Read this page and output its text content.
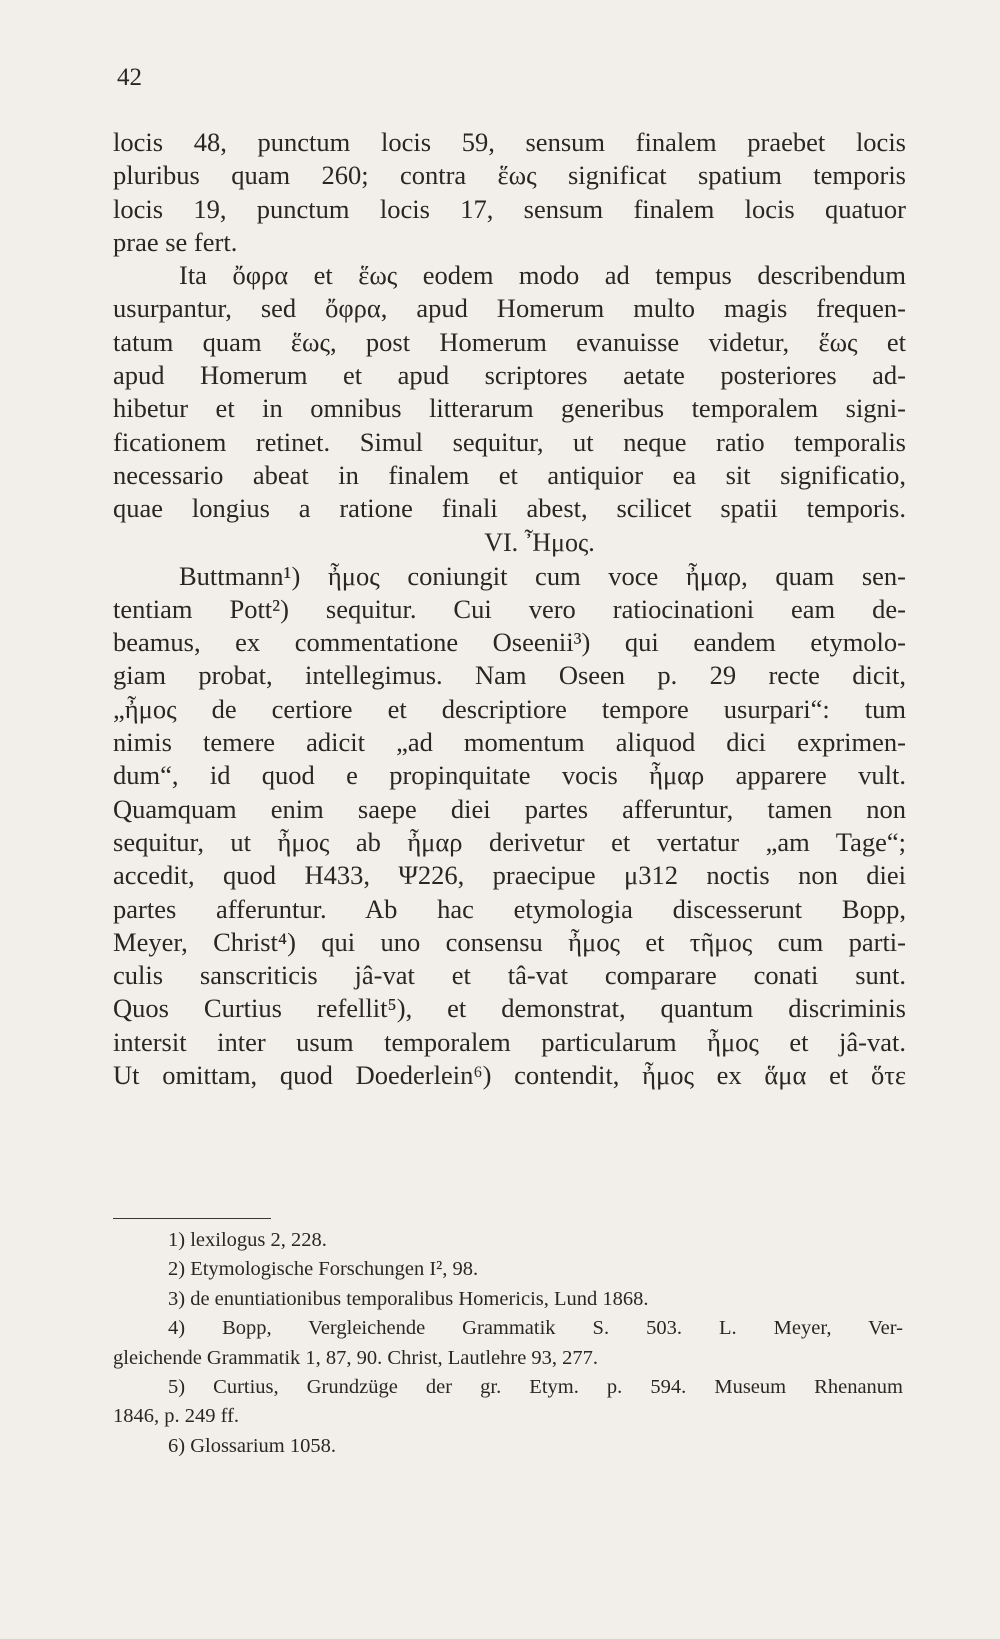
42
locis 48, punctum locis 59, sensum finalem praebet locis
pluribus quam 260; contra ἕως significat spatium temporis
locis 19, punctum locis 17, sensum finalem locis quatuor
prae se fert.
Ita ὄφρα et ἕως eodem modo ad tempus describendum
usurpantur, sed ὄφρα, apud Homerum multo magis frequen-
tatum quam ἕως, post Homerum evanuisse videtur, ἕως et
apud Homerum et apud scriptores aetate posteriores ad-
hibetur et in omnibus litterarum generibus temporalem signi-
ficationem retinet. Simul sequitur, ut neque ratio temporalis
necessario abeat in finalem et antiquior ea sit significatio,
quae longius a ratione finali abest, scilicet spatii temporis.
VI. Ἦμος.
Buttmann¹) ἦμος coniungit cum voce ἦμαρ, quam sen-
tentiam Pott²) sequitur. Cui vero ratiocinationi eam de-
beamus, ex commentatione Oseenii³) qui eandem etymolo-
giam probat, intellegimus. Nam Oseen p. 29 recte dicit,
„ἦμος de certiore et descriptiore tempore usurpari“: tum
nimis temere adicit „ad momentum aliquod dici exprimen-
dum“, id quod e propinquitate vocis ἦμαρ apparere vult.
Quamquam enim saepe diei partes afferuntur, tamen non
sequitur, ut ἦμος ab ἦμαρ derivetur et vertatur „am Tage“;
accedit, quod Η433, Ψ226, praecipue μ312 noctis non diei
partes afferuntur. Ab hac etymologia discesserunt Bopp,
Meyer, Christ⁴) qui uno consensu ἦμος et τῆμος cum parti-
culis sanscriticis jâ-vat et tâ-vat comparare conati sunt.
Quos Curtius refellit⁵), et demonstrat, quantum discriminis
intersit inter usum temporalem particularum ἦμος et jâ-vat.
Ut omittam, quod Doederlein⁶) contendit, ἦμος ex ἅμα et ὅτε
1) lexilogus 2, 228.
2) Etymologische Forschungen I², 98.
3) de enuntiationibus temporalibus Homericis, Lund 1868.
4) Bopp, Vergleichende Grammatik S. 503. L. Meyer, Ver-
gleichende Grammatik 1, 87, 90. Christ, Lautlehre 93, 277.
5) Curtius, Grundzüge der gr. Etym. p. 594. Museum Rhenanum
1846, p. 249 ff.
6) Glossarium 1058.
